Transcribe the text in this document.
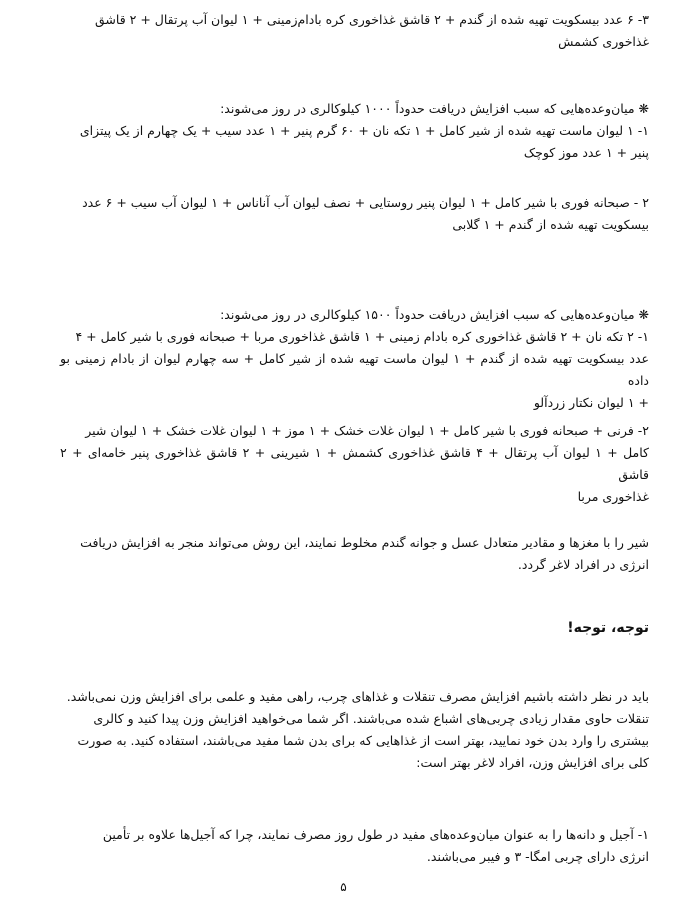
۳- ۶ عدد بیسکویت تهیه شده از گندم + ۲ قاشق غذاخوری کره بادام‌زمینی + ۱ لیوان آب پرتقال + ۲ قاشق
غذاخوری کشمش

❋ میان‌وعده‌هایی که سبب افزایش دریافت حدوداً ۱۰۰۰ کیلوکالری در روز می‌شوند:
۱- ۱ لیوان ماست تهیه شده از شیر کامل + ۱ تکه نان + ۶۰ گرم پنیر + ۱ عدد سیب + یک چهارم از یک پیتزای
پنیر + ۱ عدد موز کوچک

۲ - صبحانه فوری با شیر کامل + ۱ لیوان پنیر روستایی + نصف لیوان آب آناناس + ۱ لیوان آب سیب + ۶ عدد
بیسکویت تهیه شده از گندم + ۱ گلابی

❋ میان‌وعده‌هایی که سبب افزایش دریافت حدوداً ۱۵۰۰ کیلوکالری در روز می‌شوند:
۱- ۲ تکه نان + ۲ قاشق غذاخوری کره بادام زمینی + ۱ قاشق غذاخوری مربا + صبحانه فوری با شیر کامل + ۴
عدد بیسکویت تهیه شده از گندم + ۱ لیوان ماست تهیه شده از شیر کامل + سه چهارم لیوان از بادام زمینی بو داده
+ ۱ لیوان نکتار زردآلو

۲- فرنی + صبحانه فوری با شیر کامل + ۱ لیوان غلات خشک + ۱ موز + ۱ لیوان غلات خشک + ۱ لیوان شیر
کامل + ۱ لیوان آب پرتقال + ۴ قاشق غذاخوری کشمش + ۱ شیرینی + ۲ قاشق غذاخوری پنیر خامه‌ای + ۲ قاشق
غذاخوری مربا

شیر را با مغزها و مقادیر متعادل عسل و جوانه گندم مخلوط نمایند، این روش می‌تواند منجر به افزایش دریافت
انرژی در افراد لاغر گردد.

توجه، توجه!

باید در نظر داشته باشیم افزایش مصرف تنقلات و غذاهای چرب، راهی مفید و علمی برای افزایش وزن نمی‌باشد.
تنقلات حاوی مقدار زیادی چربی‌های اشباع شده می‌باشند. اگر شما می‌خواهید افزایش وزن پیدا کنید و کالری
بیشتری را وارد بدن خود نمایید، بهتر است از غذاهایی که برای بدن شما مفید می‌باشند، استفاده کنید. به صورت
کلی برای افزایش وزن، افراد لاغر بهتر است:

۱- آجیل و دانه‌ها را به عنوان میان‌وعده‌های مفید در طول روز مصرف نمایند، چرا که آجیل‌ها علاوه بر تأمین
انرژی دارای چربی امگا- ۳ و فیبر می‌باشند.

۵
